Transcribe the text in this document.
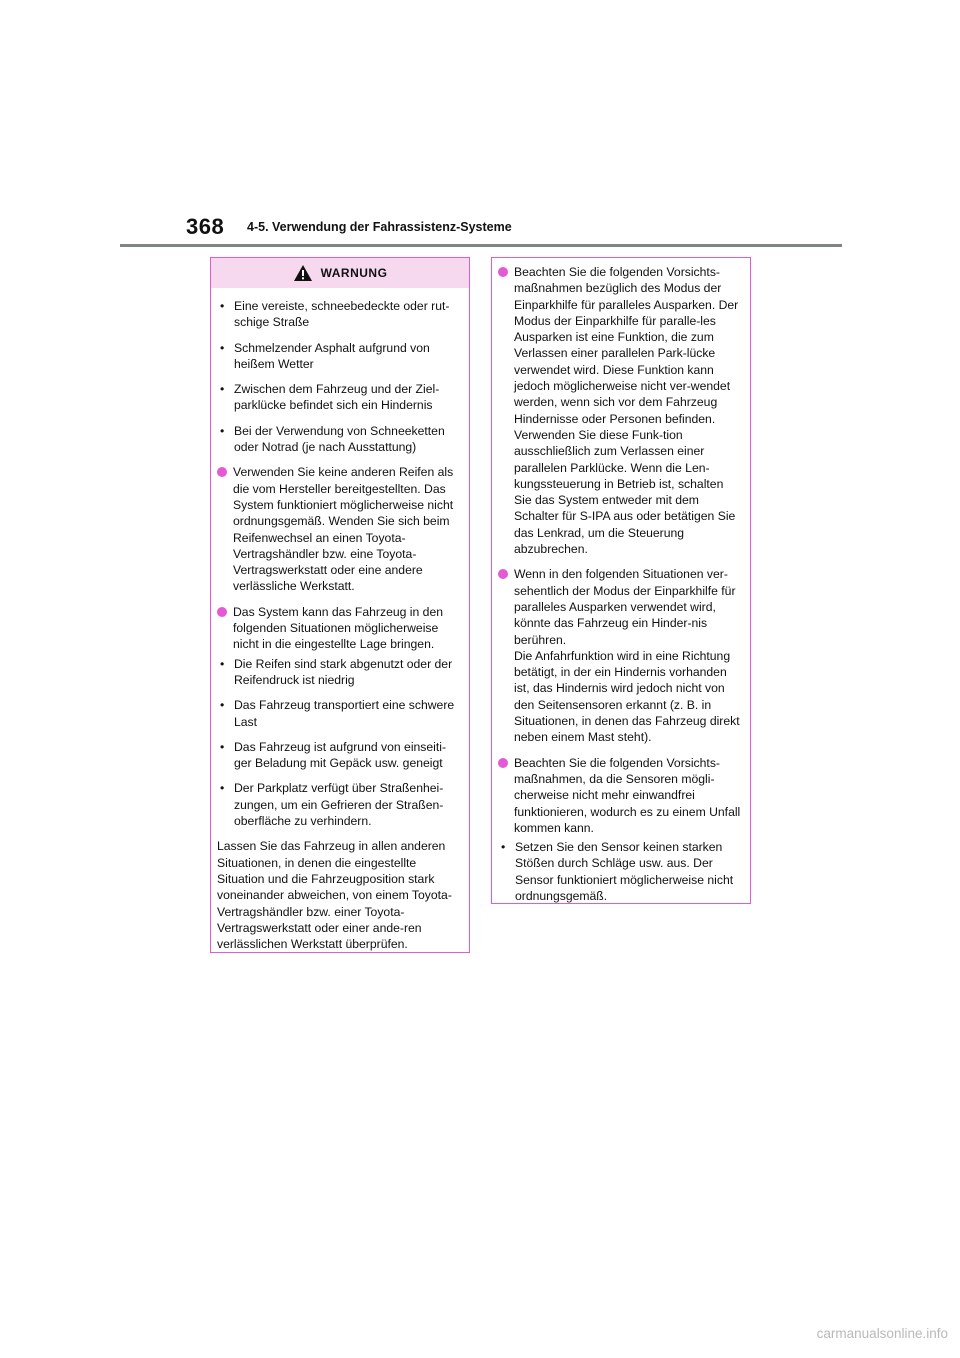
368 4-5. Verwendung der Fahrassistenz-Systeme
WARNUNG
• Eine vereiste, schneebedeckte oder rut-schige Straße
• Schmelzender Asphalt aufgrund von heißem Wetter
• Zwischen dem Fahrzeug und der Ziel-parklücke befindet sich ein Hindernis
• Bei der Verwendung von Schneeketten oder Notrad (je nach Ausstattung)
Verwenden Sie keine anderen Reifen als die vom Hersteller bereitgestellten. Das System funktioniert möglicherweise nicht ordnungsgemäß. Wenden Sie sich beim Reifenwechsel an einen Toyota-Vertragshändler bzw. eine Toyota-Vertragswerkstatt oder eine andere verlässliche Werkstatt.
Das System kann das Fahrzeug in den folgenden Situationen möglicherweise nicht in die eingestellte Lage bringen.
• Die Reifen sind stark abgenutzt oder der Reifendruck ist niedrig
• Das Fahrzeug transportiert eine schwere Last
• Das Fahrzeug ist aufgrund von einseiti-ger Beladung mit Gepäck usw. geneigt
• Der Parkplatz verfügt über Straßenhei-zungen, um ein Gefrieren der Straßen-oberfläche zu verhindern.
Lassen Sie das Fahrzeug in allen anderen Situationen, in denen die eingestellte Situation und die Fahrzeugposition stark voneinander abweichen, von einem Toyota-Vertragshändler bzw. einer Toyota-Vertragswerkstatt oder einer ande-ren verlässlichen Werkstatt überprüfen.
Beachten Sie die folgenden Vorsichts-maßnahmen bezüglich des Modus der Einparkhilfe für paralleles Ausparken. Der Modus der Einparkhilfe für paralle-les Ausparken ist eine Funktion, die zum Verlassen einer parallelen Park-lücke verwendet wird. Diese Funktion kann jedoch möglicherweise nicht ver-wendet werden, wenn sich vor dem Fahrzeug Hindernisse oder Personen befinden. Verwenden Sie diese Funk-tion ausschließlich zum Verlassen einer parallelen Parklücke. Wenn die Len-kungssteuerung in Betrieb ist, schalten Sie das System entweder mit dem Schalter für S-IPA aus oder betätigen Sie das Lenkrad, um die Steuerung abzubrechen.
Wenn in den folgenden Situationen ver-sehentlich der Modus der Einparkhilfe für paralleles Ausparken verwendet wird, könnte das Fahrzeug ein Hinder-nis berühren.
Die Anfahrfunktion wird in eine Richtung betätigt, in der ein Hindernis vorhanden ist, das Hindernis wird jedoch nicht von den Seitensensoren erkannt (z. B. in Situationen, in denen das Fahrzeug direkt neben einem Mast steht).
Beachten Sie die folgenden Vorsichts-maßnahmen, da die Sensoren mögli-cherweise nicht mehr einwandfrei funktionieren, wodurch es zu einem Unfall kommen kann.
• Setzen Sie den Sensor keinen starken Stößen durch Schläge usw. aus. Der Sensor funktioniert möglicherweise nicht ordnungsgemäß.
carmanualsonline.info
